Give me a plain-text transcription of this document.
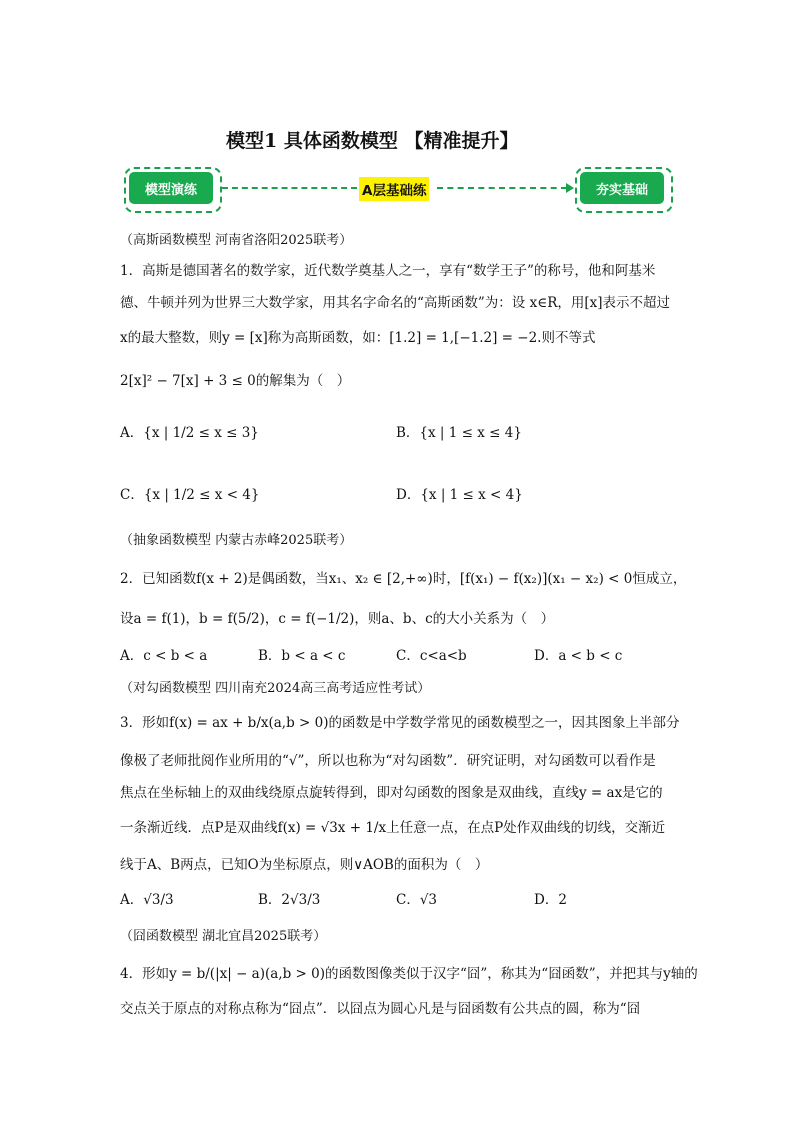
模型1 具体函数模型 【精准提升】
模型演练	A层基础练	夯实基础
（高斯函数模型 河南省洛阳2025联考）
1．高斯是德国著名的数学家，近代数学奠基人之一，享有“数学王子”的称号，他和阿基米
德、牛顿并列为世界三大数学家，用其名字命名的“高斯函数”为：设 x∈R，用[x]表示不超过
x的最大整数，则y = [x]称为高斯函数，如：[1.2] = 1,[−1.2] = −2.则不等式
2[x]² − 7[x] + 3 ≤ 0的解集为（　）
A．{x | 1/2 ≤ x ≤ 3}	B．{x | 1 ≤ x ≤ 4}
C．{x | 1/2 ≤ x < 4}	D．{x | 1 ≤ x < 4}
（抽象函数模型 内蒙古赤峰2025联考）
2．已知函数f(x + 2)是偶函数，当x₁、x₂ ∈ [2,+∞)时，[f(x₁) − f(x₂)](x₁ − x₂) < 0恒成立，
设a = f(1)，b = f(5/2)，c = f(−1/2)，则a、b、c的大小关系为（　）
A．c < b < a	B．b < a < c	C．c<a<b	D．a < b < c
（对勾函数模型 四川南充2024高三高考适应性考试）
3．形如f(x) = ax + b/x(a,b > 0)的函数是中学数学常见的函数模型之一，因其图象上半部分
像极了老师批阅作业所用的“√”，所以也称为“对勾函数”．研究证明，对勾函数可以看作是
焦点在坐标轴上的双曲线绕原点旋转得到，即对勾函数的图象是双曲线，直线y = ax是它的
一条渐近线．点P是双曲线f(x) = √3x + 1/x上任意一点，在点P处作双曲线的切线，交渐近
线于A、B两点，已知O为坐标原点，则∨AOB的面积为（　）
A．√3/3	B．2√3/3	C．√3	D．2
（囧函数模型 湖北宜昌2025联考）
4．形如y = b/(|x| − a)(a,b > 0)的函数图像类似于汉字“囧”，称其为“囧函数”，并把其与y轴的
交点关于原点的对称点称为“囧点”．以囧点为圆心凡是与囧函数有公共点的圆，称为“囧
